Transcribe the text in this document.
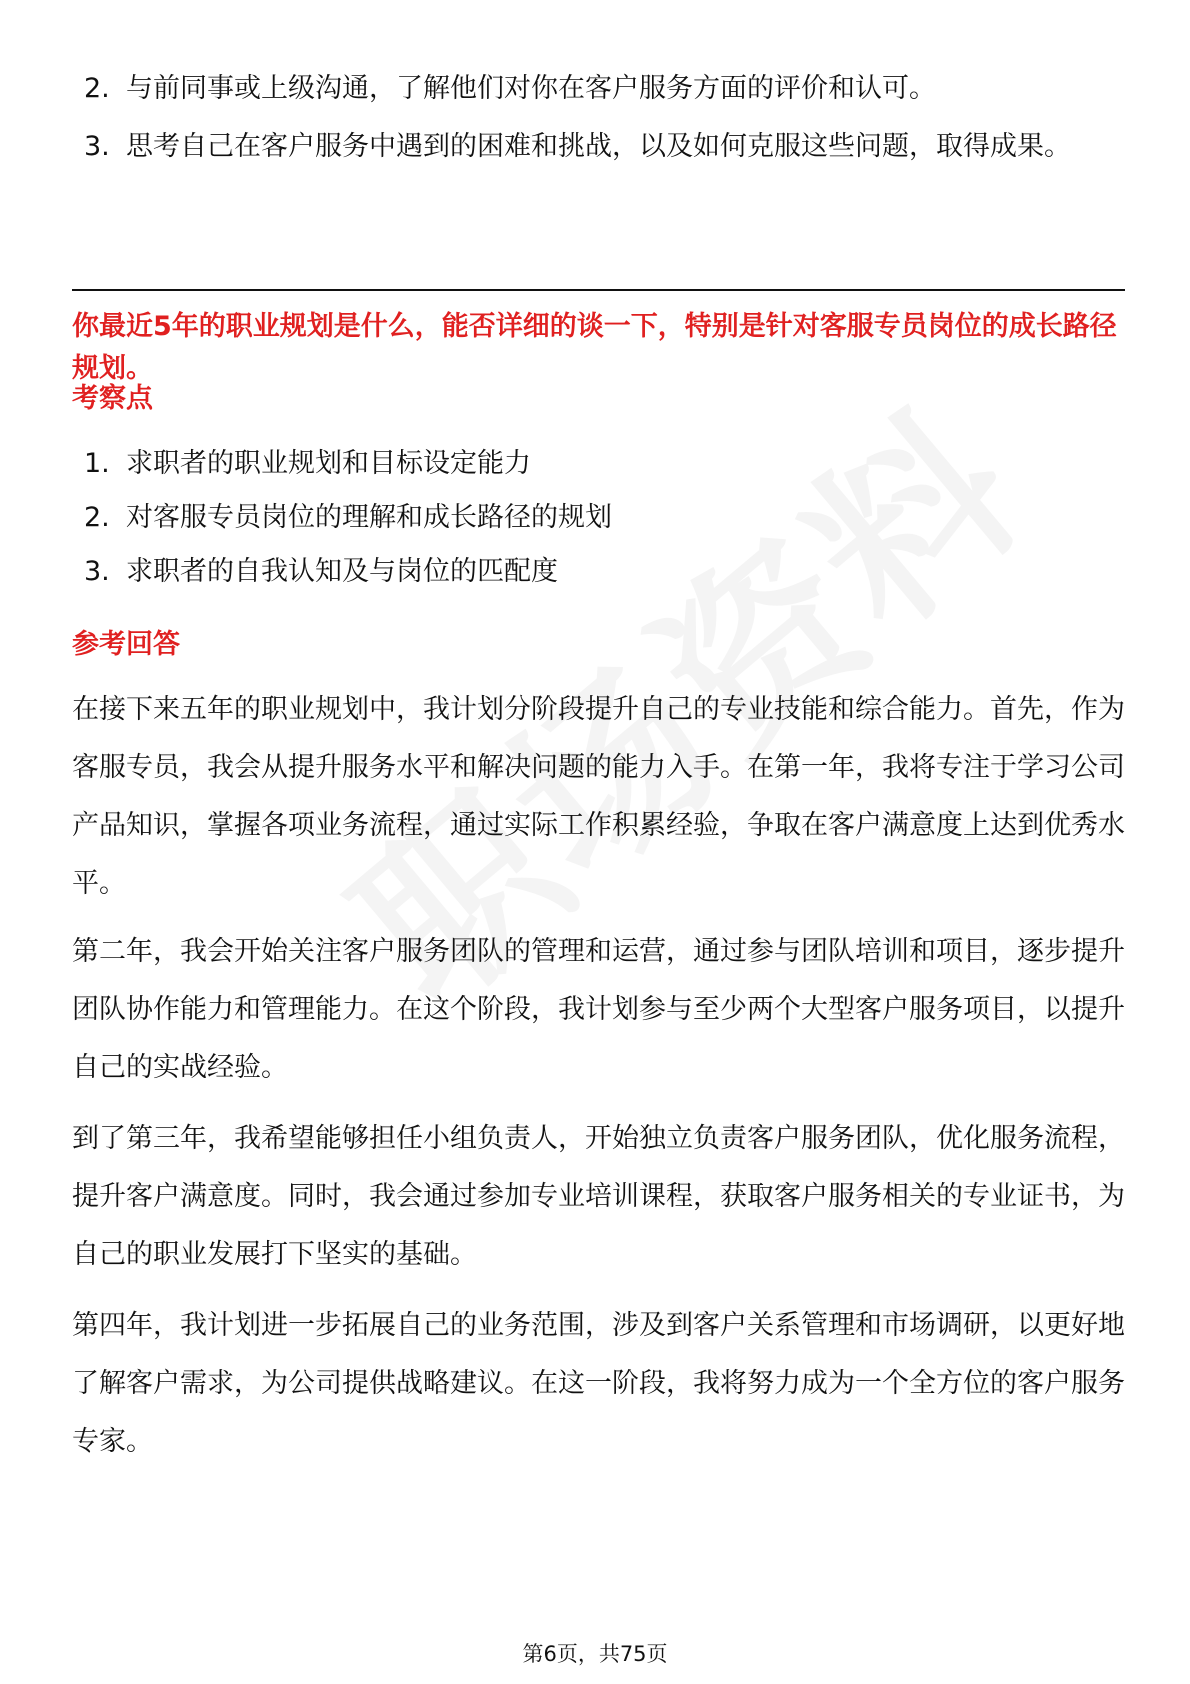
2. 与前同事或上级沟通，了解他们对你在客户服务方面的评价和认可。
3. 思考自己在客户服务中遇到的困难和挑战，以及如何克服这些问题，取得成果。

你最近5年的职业规划是什么，能否详细的谈一下，特别是针对客服专员岗位的成长路径规划。

考察点

1. 求职者的职业规划和目标设定能力
2. 对客服专员岗位的理解和成长路径的规划
3. 求职者的自我认知及与岗位的匹配度

参考回答

在接下来五年的职业规划中，我计划分阶段提升自己的专业技能和综合能力。首先，作为客服专员，我会从提升服务水平和解决问题的能力入手。在第一年，我将专注于学习公司产品知识，掌握各项业务流程，通过实际工作积累经验，争取在客户满意度上达到优秀水平。

第二年，我会开始关注客户服务团队的管理和运营，通过参与团队培训和项目，逐步提升团队协作能力和管理能力。在这个阶段，我计划参与至少两个大型客户服务项目，以提升自己的实战经验。

到了第三年，我希望能够担任小组负责人，开始独立负责客户服务团队，优化服务流程，提升客户满意度。同时，我会通过参加专业培训课程，获取客户服务相关的专业证书，为自己的职业发展打下坚实的基础。

第四年，我计划进一步拓展自己的业务范围，涉及到客户关系管理和市场调研，以更好地了解客户需求，为公司提供战略建议。在这一阶段，我将努力成为一个全方位的客户服务专家。

第6页，共75页
